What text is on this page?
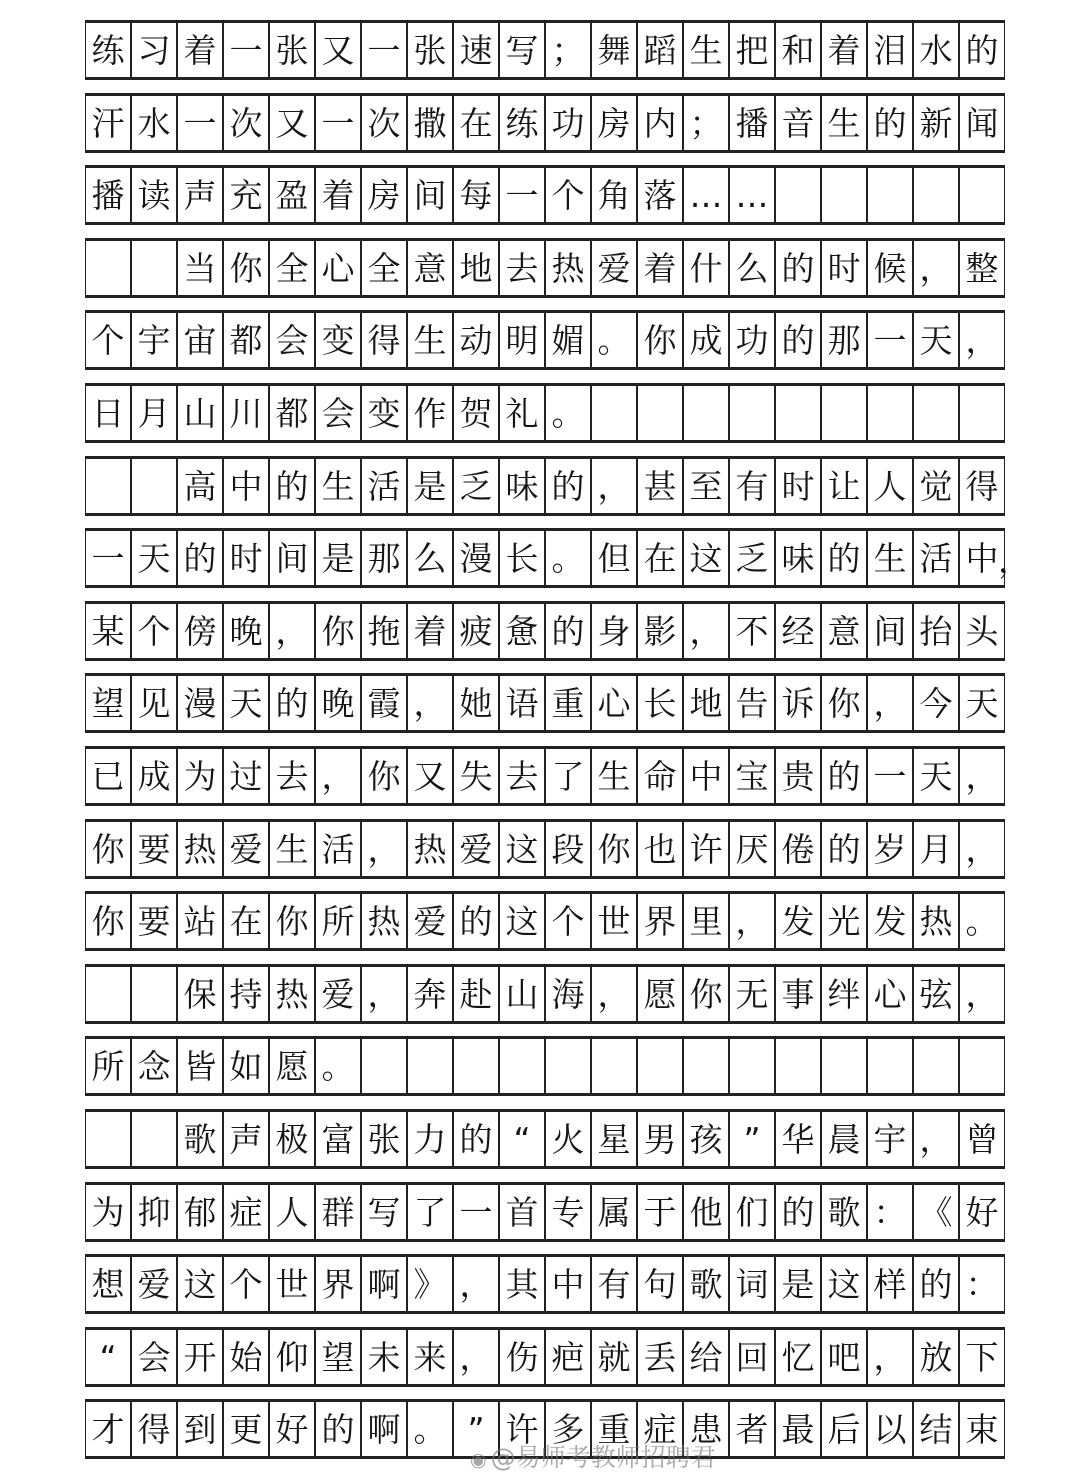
练 习 着 一 张 又 一 张 速 写 ； 舞 蹈 生 把 和 着 泪 水 的
汗 水 一 次 又 一 次 撒 在 练 功 房 内 ； 播 音 生 的 新 闻
播 读 声 充 盈 着 房 间 每 一 个 角 落 … …
当 你 全 心 全 意 地 去 热 爱 着 什 么 的 时 候 ， 整
个 宇 宙 都 会 变 得 生 动 明 媚 。 你 成 功 的 那 一 天 ，
日 月 山 川 都 会 变 作 贺 礼 。
高 中 的 生 活 是 乏 味 的 ， 甚 至 有 时 让 人 觉 得
一 天 的 时 间 是 那 么 漫 长 。 但 在 这 乏 味 的 生 活 中 ，
某 个 傍 晚 ， 你 拖 着 疲 惫 的 身 影 ， 不 经 意 间 抬 头
望 见 漫 天 的 晚 霞 ， 她 语 重 心 长 地 告 诉 你 ， 今 天
已 成 为 过 去 ， 你 又 失 去 了 生 命 中 宝 贵 的 一 天 ，
你 要 热 爱 生 活 ， 热 爱 这 段 你 也 许 厌 倦 的 岁 月 ，
你 要 站 在 你 所 热 爱 的 这 个 世 界 里 ， 发 光 发 热 。
保 持 热 爱 ， 奔 赴 山 海 ， 愿 你 无 事 绊 心 弦 ，
所 念 皆 如 愿 。
歌 声 极 富 张 力 的 “ 火 星 男 孩 ” 华 晨 宇 ， 曾
为 抑 郁 症 人 群 写 了 一 首 专 属 于 他 们 的 歌 ： 《 好
想 爱 这 个 世 界 啊 》 ， 其 中 有 句 歌 词 是 这 样 的 ：
“ 会 开 始 仰 望 未 来 ， 伤 疤 就 丢 给 回 忆 吧 ， 放 下
才 得 到 更 好 的 啊 。 ” 许 多 重 症 患 者 最 后 以 结 束
◉ @易师考教师招聘君
